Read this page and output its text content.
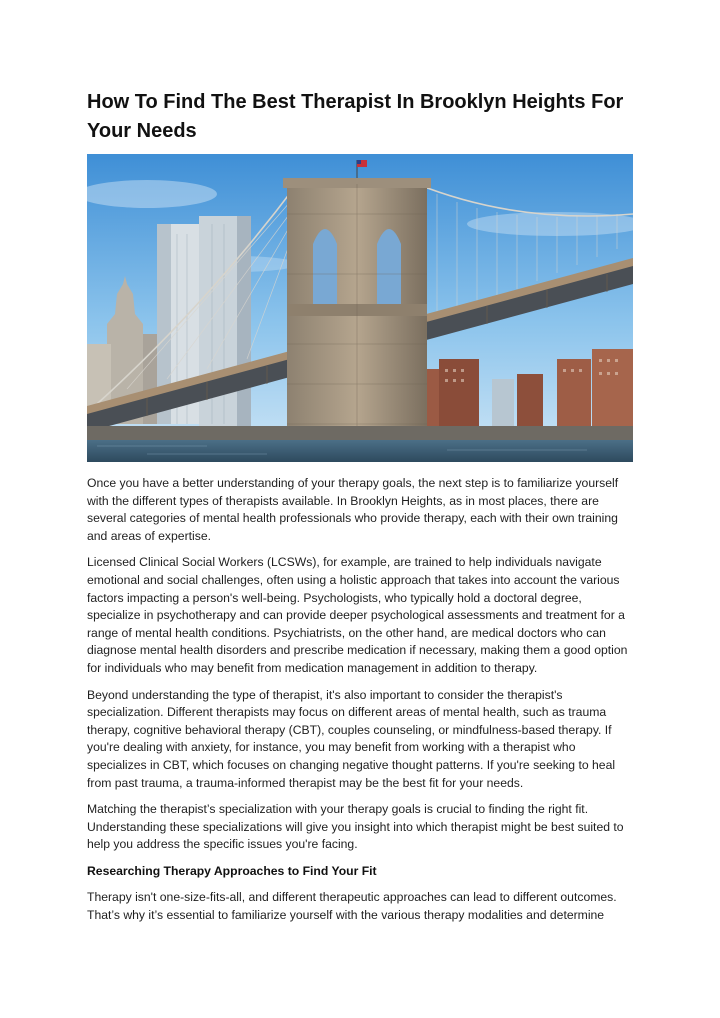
How To Find The Best Therapist In Brooklyn Heights For Your Needs

Once you have a better understanding of your therapy goals, the next step is to familiarize yourself with the different types of therapists available. In Brooklyn Heights, as in most places, there are several categories of mental health professionals who provide therapy, each with their own training and areas of expertise.

Licensed Clinical Social Workers (LCSWs), for example, are trained to help individuals navigate emotional and social challenges, often using a holistic approach that takes into account the various factors impacting a person's well-being. Psychologists, who typically hold a doctoral degree, specialize in psychotherapy and can provide deeper psychological assessments and treatment for a range of mental health conditions. Psychiatrists, on the other hand, are medical doctors who can diagnose mental health disorders and prescribe medication if necessary, making them a good option for individuals who may benefit from medication management in addition to therapy.

Beyond understanding the type of therapist, it's also important to consider the therapist's specialization. Different therapists may focus on different areas of mental health, such as trauma therapy, cognitive behavioral therapy (CBT), couples counseling, or mindfulness-based therapy. If you're dealing with anxiety, for instance, you may benefit from working with a therapist who specializes in CBT, which focuses on changing negative thought patterns. If you're seeking to heal from past trauma, a trauma-informed therapist may be the best fit for your needs.

Matching the therapist’s specialization with your therapy goals is crucial to finding the right fit. Understanding these specializations will give you insight into which therapist might be best suited to help you address the specific issues you're facing.

Researching Therapy Approaches to Find Your Fit

Therapy isn't one-size-fits-all, and different therapeutic approaches can lead to different outcomes. That’s why it’s essential to familiarize yourself with the various therapy modalities and determine
